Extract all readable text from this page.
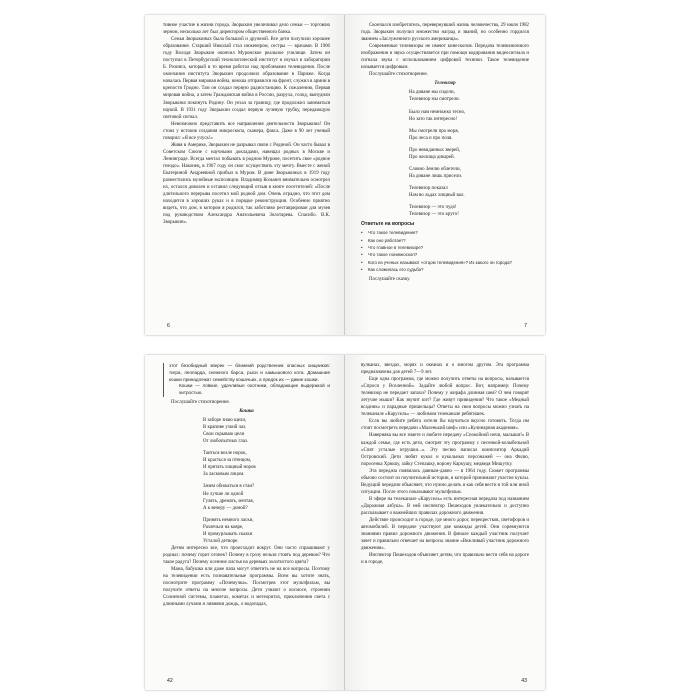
тивное участие в жизни города. Зворыкин увеличивал дело семьи — торговлю зерном, несколько лет был директором общественного банка.

Семья Зворыкиных была большой и дружной. Все дети получили хорошее образование. Старший Николай стал инженером, сестры — врачами. В 1906 году Володя Зворыкин окончил Муромское реальное училище. Затем он поступил в Петербургский технологический институт и изучал в лаборатории Б. Розинга, который в то время работал над проблемами телевидения. После окончания института Зворыкин продолжил образование в Париже. Когда началась Первая мировая война, юноша отправился на фронт, служил в армии в крепости Гродно. Там он создал первую радиостанцию. К сожалению, Первая мировая война, а затем Гражданская война в России, разруха, голод, вынудили Зворыкина покинуть Родину. Он уехал за границу, где продолжил заниматься наукой. В 1931 году Зворыкин создал первую лучевую трубку, передающую световой сигнал.

Невозможно представить все направления деятельности Зворыкина! Он стоял у истоков создания микроскопа, сканера, факса. Даже в 90 лет ученый говорил: «Я все учусь!»

Живя в Америке, Зворыкин не разрывал связи с Родиной. Он часто бывал в Советском Союзе с научными докладами, навещал родных в Москве и Ленинграде. Всегда мечтал побывать в родном Муроме, посетить свое «родное гнездо». Наконец, в 1967 году он смог осуществить эту мечту. Вместе с женой Екатериной Андреевной прибыл в Муром. В доме Зворыкиных в 1919 году разместились музейные экспозиции. Владимир Козьмич внимательно осмотрел их, остался доволен и оставил следующий отзыв в книге посетителей: «После длительного перерыва посетил мой родной дом. Очень отрадно, что этот дом находится в хороших руках и в порядке реконструкции. Особенно приятно видеть, что дом, в котором я родился, так заботливо реставрирован для музея под руководством Александра Анатольевича Золотарева. Спасибо. В.К. Зворыкин».

6

Скончался изобретатель, перевернувший жизнь человечества, 29 июля 1982 года. Зворыкин получил множество наград и званий, но особенно гордился званием «Заслуженного русского американца».

Современные телевизоры не имеют кинескопов. Передача телевизионного изображения и звука осуществляется при помощи кодирования видеосигнала и сигнала звука с использованием цифровой техники. Такое телевидение называется цифровым.

Послушайте стихотворение.

Телевизор
На диване мы сидели,
Телевизор мы смотрели.
Было нам немножко тесно,
Но зато так интересно!
Мы смотрели про моря,
Про леса и про поля.
Про невиданных зверей,
Про жилища дикарей.
Словно Землю облетели,
На диване лишь присели.
Телевизор показал
Нам во льдах хищный вал.
Телевизор — это чудо!
Телевизор — это круто!
Ответьте на вопросы
• Что такое телевидение?
• Как оно работает?
• Что главное в телевизоре?
• Что такое лоникноскоп?
• Кого из ученых называют «отцом телевидения»? Из какого он города?
• Как сложилась его судьба?

Послушайте сказку.

7

этот безобидный зверек — ближний родственник опасных хищников: тигра, леопарда, снежного барса, рыси и камышового кота. Домашние кошки принадлежат семейству кошачьих, а предок их — дикие кошки.

Кошки — ловкие, удачливые охотники, обладающие выдержкой и хитростью.

Послушайте стихотворение.

Кошка
В заборе знаю щели,
В крапиве узкий лаз.
Свои скрываю цели
От любопытных глаз.
Таиться возле норок,
И красться за птенцом,
И прятать хищный норов
За ласковым лицом.
Зачем обижаться в стаи?
Не лучше ли одной
Гулять, дремать, мечтая,
А к вечеру — домой?
Принять немного ласки,
Разлечься на ковре,
И промурлыкать сказки
Усталой детворе.

Детям интересно все, что происходит вокруг. Они часто спрашивают у родных: почему горит огонек? Почему в грозу нельзя стоять под деревом? Что такое радуга? Почему осенние листья на деревьях золотистого цвета?

Мама, бабушка или даже папа могут ответить не на все вопросы. Поэтому на телевидении есть познавательные программы. Всем вы хотите знать, посмотрите программу «Почемучка». Посмотрев этот мультфильм, вы получите ответы на многие вопросы. Дети узнают о космосе, строении Солнечной системы, планетах, кометах и метеоритах, приключения света с длинными лучами и ливнями дождь, о водопадах,

42

вулканах, звездах, морях и океанах и о многом другом. Эта программа предназначена для детей 7—9 лет.

Еще одна программа, где можно получить ответы на вопросы, называется «Спроси у Вселенной». Задайте любой вопрос. Вот, например: Почему телевизор не передает запахи? Почему у жирафа длинная шея? О чем говорят летучие мыши? Как звучит кит? Где живут привидения? Что такое «Медный всадник» и парадные пришельцы? Ответы на свои вопросы можно узнать на телеканале «Карусель» — любимом телеканале ребятишек.

Если вы любите ребята хотели бы научиться вкусно готовить. Тогда им стоит посмотреть передачи «Маленький шеф» или «Кулинарная академия».

Наверняка вы все знаете и любите передачу «Спокойной ночи, малыши!» В каждой семье, где есть дети, смотрят эту программу с песенкой-колыбельной «Спят усталые игрушки...». Эту песню написал композитор Аркадий Островский. Дети любят кукол и кукольных персонажей — она Филю, поросенка Хрюшу, зайку Степашку, ворону Каркушу, медведя Мишутку.

Эта передача появилась давным-давно — в 1964 году. Сюжет программы обычно состоит из поучительной истории, в которой принимают участие куклы. Ведущий передачи объясняет, что нужно делать и как себя вести в той или иной ситуации. После этого показывают мультфильм.

В эфире на телеканале «Карусель» есть интересная передача под названием «Дорожная азбука». В ней инспектор Пешеходов увлекательно и доступно рассказывает о важнейших правилах дорожного движения.

Действие происходит в городе, где много дорог, перекрестков, светофоров и автомобилей. В передаче участвуют две команды детей. Они соревнуются знаниями правил дорожного движения. В финале каждый участник получает зачет и правильно отвечает на вопросы знание «Вежливый участник дорожного движения».

Инспектор Пешеходов объясняет детям, что правильно вести себя на дороге и в городе,

43
